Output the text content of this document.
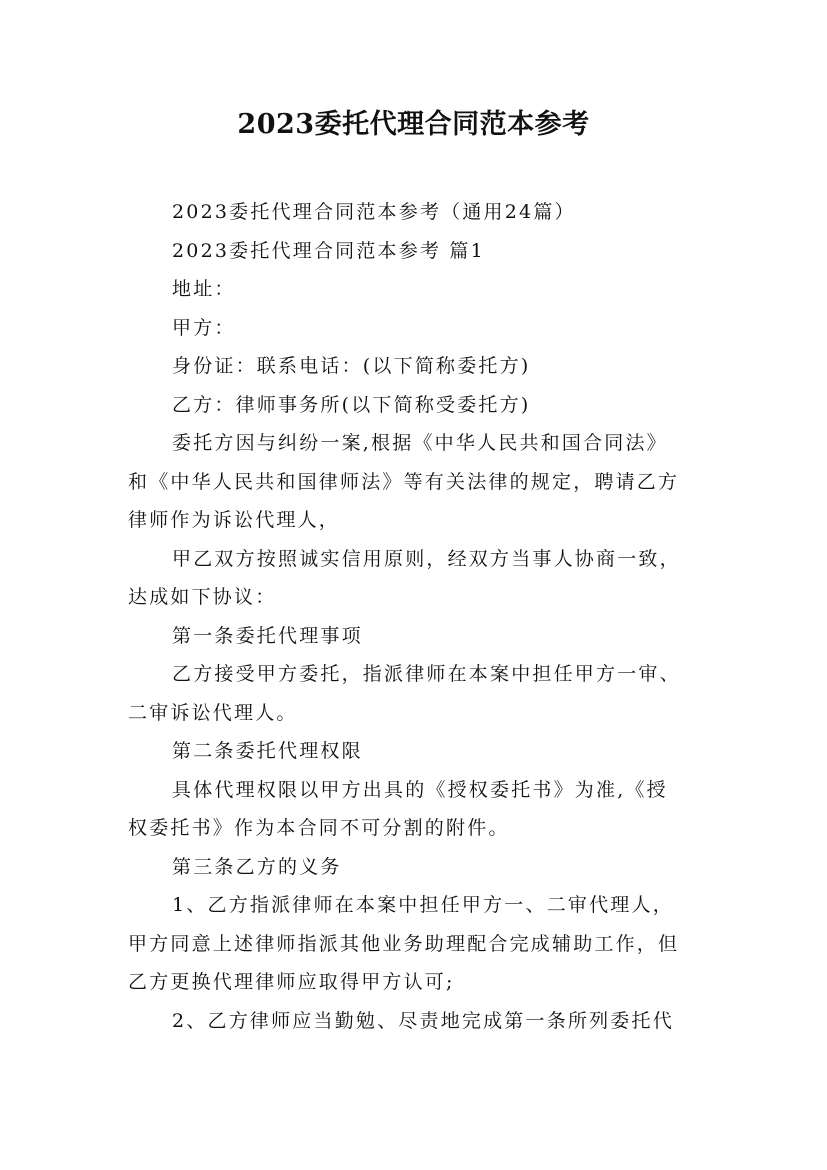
2023委托代理合同范本参考
2023委托代理合同范本参考（通用24篇）
2023委托代理合同范本参考 篇1
地址：
甲方：
身份证：联系电话：(以下简称委托方)
乙方：律师事务所(以下简称受委托方)
委托方因与纠纷一案,根据《中华人民共和国合同法》
和《中华人民共和国律师法》等有关法律的规定，聘请乙方
律师作为诉讼代理人，
甲乙双方按照诚实信用原则，经双方当事人协商一致，
达成如下协议：
第一条委托代理事项
乙方接受甲方委托，指派律师在本案中担任甲方一审、
二审诉讼代理人。
第二条委托代理权限
具体代理权限以甲方出具的《授权委托书》为准,《授
权委托书》作为本合同不可分割的附件。
第三条乙方的义务
1、乙方指派律师在本案中担任甲方一、二审代理人，
甲方同意上述律师指派其他业务助理配合完成辅助工作，但
乙方更换代理律师应取得甲方认可;
2、乙方律师应当勤勉、尽责地完成第一条所列委托代
